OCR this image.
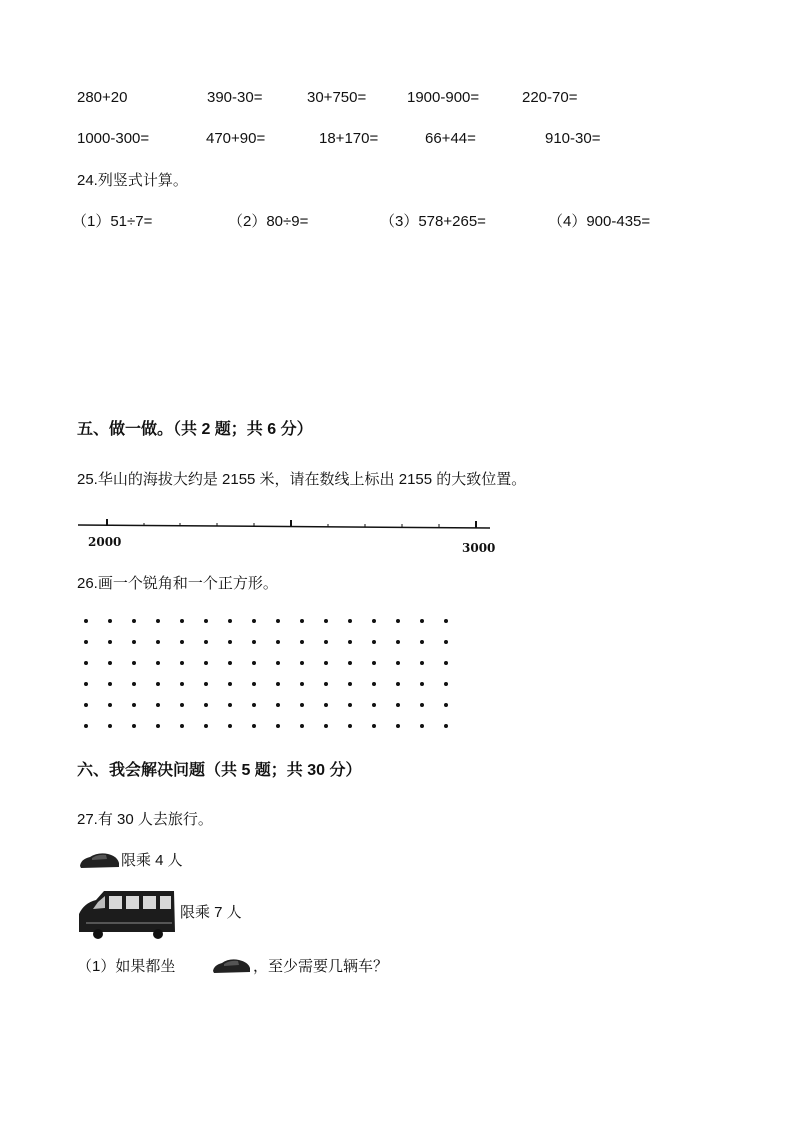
280+20	390-30=	30+750=	1900-900=	220-70=
1000-300=	470+90=	18+170=	66+44=	910-30=
24.列竖式计算。
（1）51÷7=	（2）80÷9=	（3）578+265=	（4）900-435=
五、做一做。（共 2 题；共 6 分）
25.华山的海拔大约是 2155 米，请在数线上标出 2155 的大致位置。
2000	3000
26.画一个锐角和一个正方形。
六、我会解决问题（共 5 题；共 30 分）
27.有 30 人去旅行。
限乘 4 人
限乘 7 人
（1）如果都坐	，至少需要几辆车？
